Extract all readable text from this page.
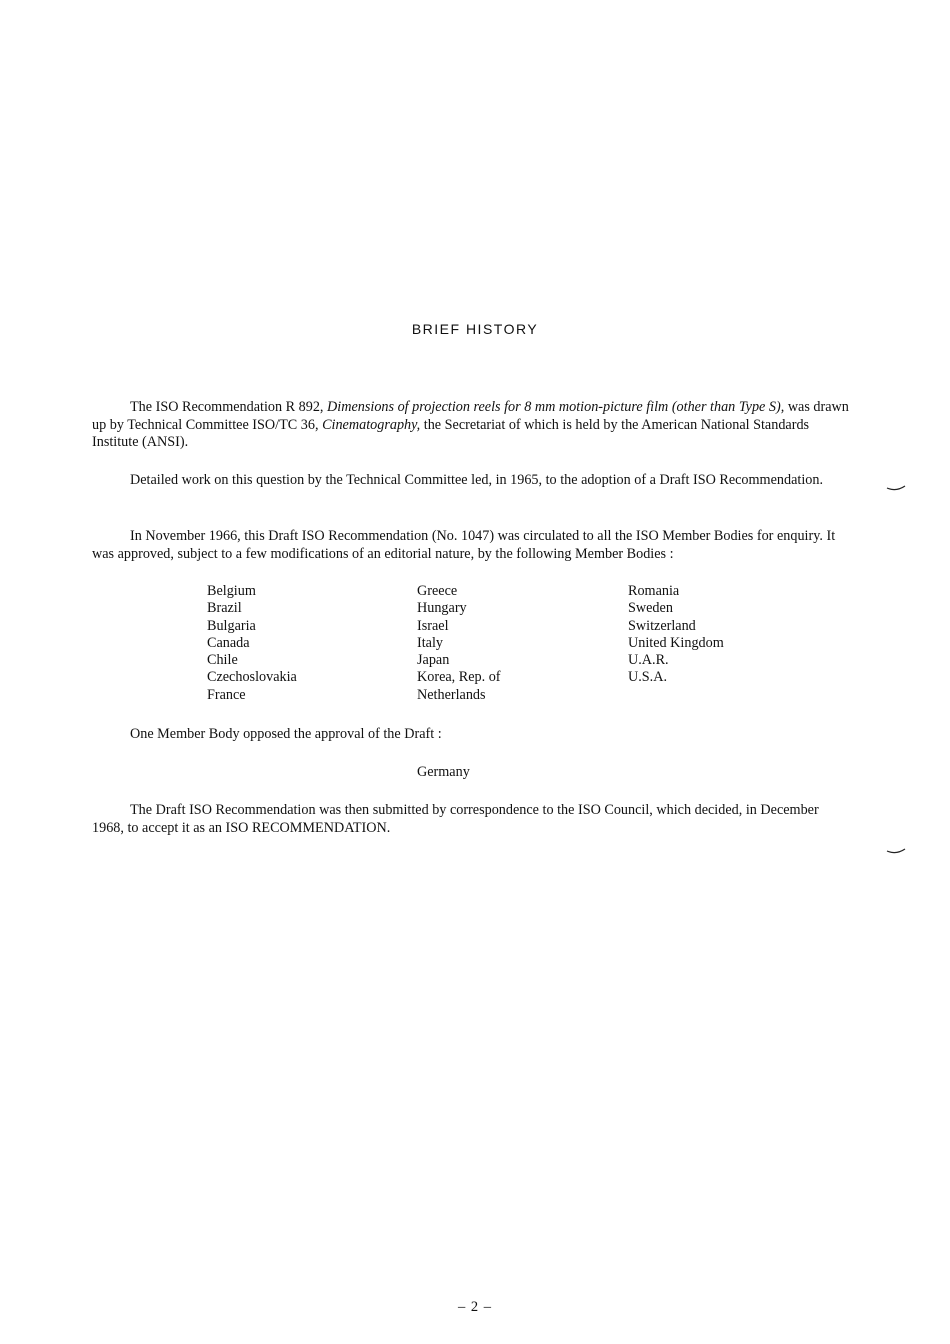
BRIEF HISTORY
The ISO Recommendation R 892, Dimensions of projection reels for 8 mm motion-picture film (other than Type S), was drawn up by Technical Committee ISO/TC 36, Cinematography, the Secretariat of which is held by the American National Standards Institute (ANSI).
Detailed work on this question by the Technical Committee led, in 1965, to the adoption of a Draft ISO Recommendation.
In November 1966, this Draft ISO Recommendation (No. 1047) was circulated to all the ISO Member Bodies for enquiry. It was approved, subject to a few modifications of an editorial nature, by the following Member Bodies :
Belgium
Brazil
Bulgaria
Canada
Chile
Czechoslovakia
France
Greece
Hungary
Israel
Italy
Japan
Korea, Rep. of
Netherlands
Romania
Sweden
Switzerland
United Kingdom
U.A.R.
U.S.A.
One Member Body opposed the approval of the Draft :
Germany
The Draft ISO Recommendation was then submitted by correspondence to the ISO Council, which decided, in December 1968, to accept it as an ISO RECOMMENDATION.
– 2 –
